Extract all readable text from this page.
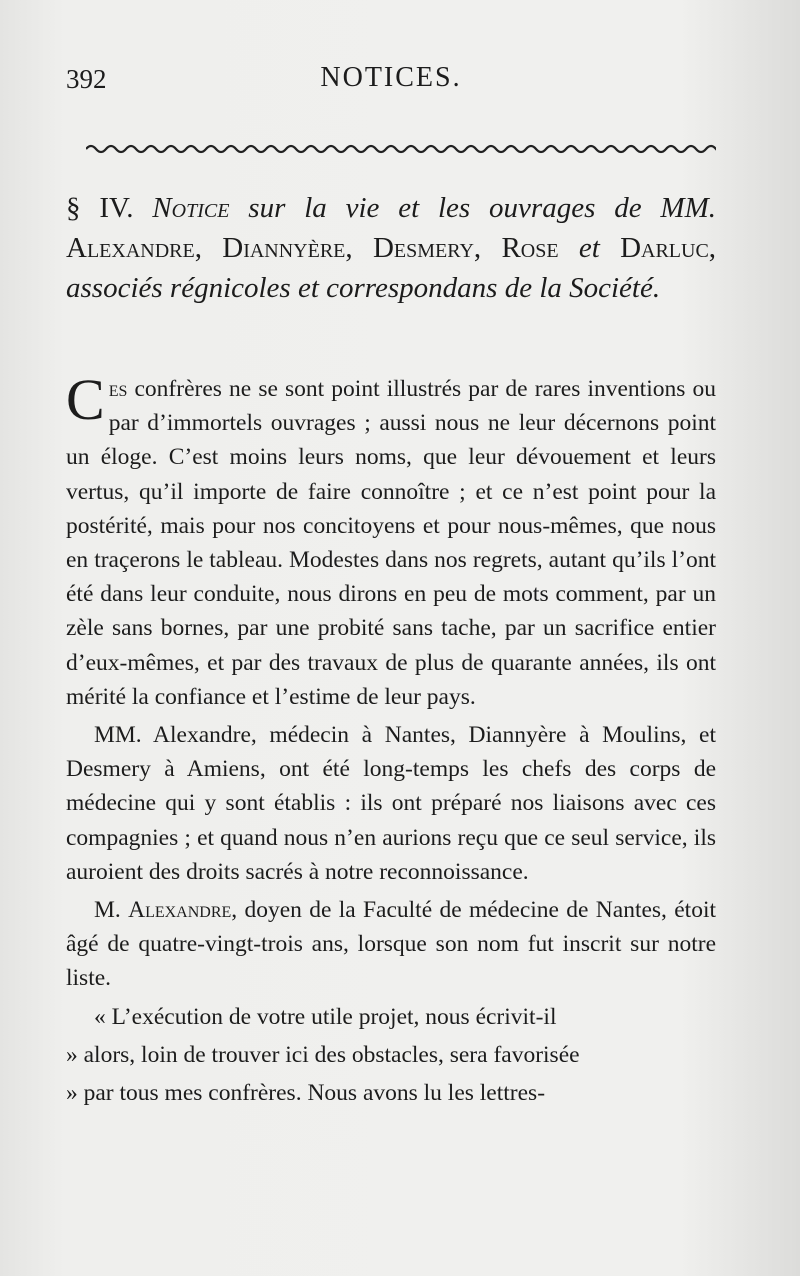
392	NOTICES.
§ IV. Notice sur la vie et les ouvrages de MM. Alexandre, Diannyère, Desmery, Rose et Darluc, associés régnicoles et correspondans de la Société.

Ces confrères ne se sont point illustrés par de rares inventions ou par d’immortels ouvrages ; aussi nous ne leur décernons point un éloge. C’est moins leurs noms, que leur dévouement et leurs vertus, qu’il importe de faire connoître ; et ce n’est point pour la postérité, mais pour nos concitoyens et pour nous-mêmes, que nous en traçerons le tableau. Modestes dans nos regrets, autant qu’ils l’ont été dans leur conduite, nous dirons en peu de mots comment, par un zèle sans bornes, par une probité sans tache, par un sacrifice entier d’eux-mêmes, et par des travaux de plus de quarante années, ils ont mérité la confiance et l’estime de leur pays.

MM. Alexandre, médecin à Nantes, Diannyère à Moulins, et Desmery à Amiens, ont été long-temps les chefs des corps de médecine qui y sont établis : ils ont préparé nos liaisons avec ces compagnies ; et quand nous n’en aurions reçu que ce seul service, ils auroient des droits sacrés à notre reconnoissance.

M. Alexandre, doyen de la Faculté de médecine de Nantes, étoit âgé de quatre-vingt-trois ans, lorsque son nom fut inscrit sur notre liste.

« L’exécution de votre utile projet, nous écrivit-il

» alors, loin de trouver ici des obstacles, sera favorisée

» par tous mes confrères. Nous avons lu les lettres-
